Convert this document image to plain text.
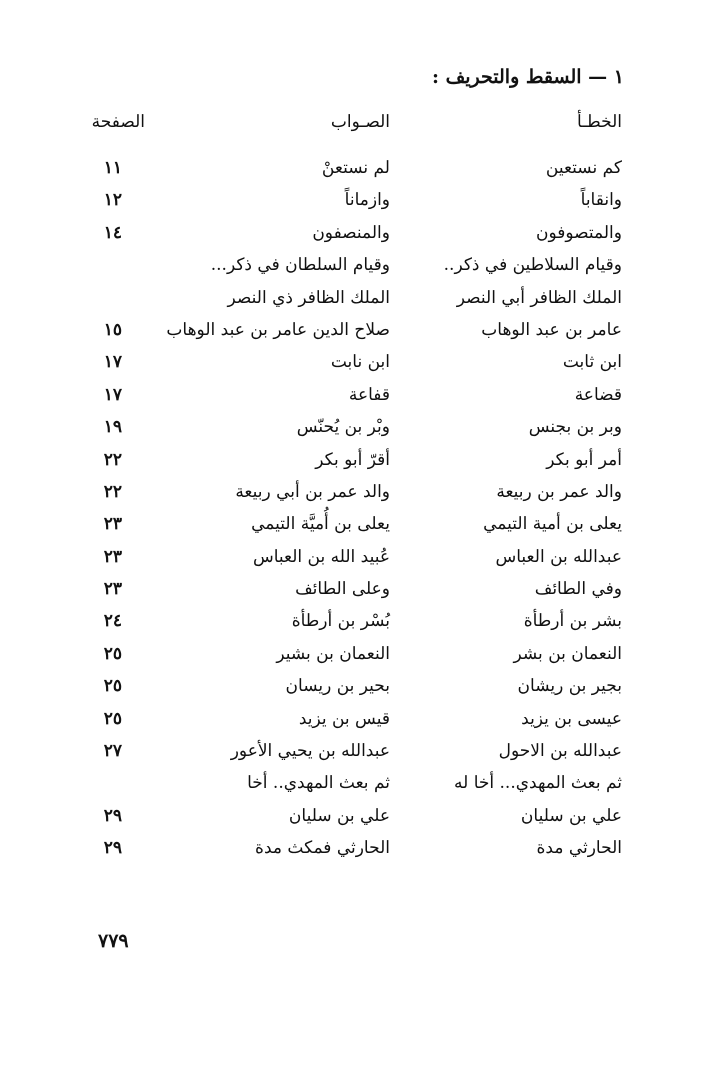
١ — السقط والتحريف :
الخطـأ
الصـواب
الصفحة
كم نستعين
لم نستعنْ
١١
وانقاباً
وازماناً
١٢
والمتصوفون
والمنصفون
١٤
وقيام السلاطين في ذكر..
وقيام السلطان في ذكر...
الملك الظافر أبي النصر
الملك الظافر ذي النصر
عامر بن عبد الوهاب
صلاح الدين عامر بن عبد الوهاب
١٥
ابن ثابت
ابن نابت
١٧
قضاعة
قفاعة
١٧
وبر بن بجنس
وبْر بن يُحنّس
١٩
أمر أبو بكر
أقرّ أبو بكر
٢٢
والد عمر بن ربيعة
والد عمر بن أبي ربيعة
٢٢
يعلى بن أمية التيمي
يعلى بن أُميَّة التيمي
٢٣
عبدالله بن العباس
عُبيد الله بن العباس
٢٣
وفي الطائف
وعلى الطائف
٢٣
بشر بن أرطأة
بُسْر بن أرطأة
٢٤
النعمان بن بشر
النعمان بن بشير
٢٥
بجير بن ريشان
بحير بن ريسان
٢٥
عيسى بن يزيد
قيس بن يزيد
٢٥
عبدالله بن الاحول
عبدالله بن يحيي الأعور
٢٧
ثم بعث المهدي... أخا له
ثم بعث المهدي.. أخا
علي بن سليان
علي بن سليان
٢٩
الحارثي مدة
الحارثي فمكث مدة
٢٩
٧٧٩
